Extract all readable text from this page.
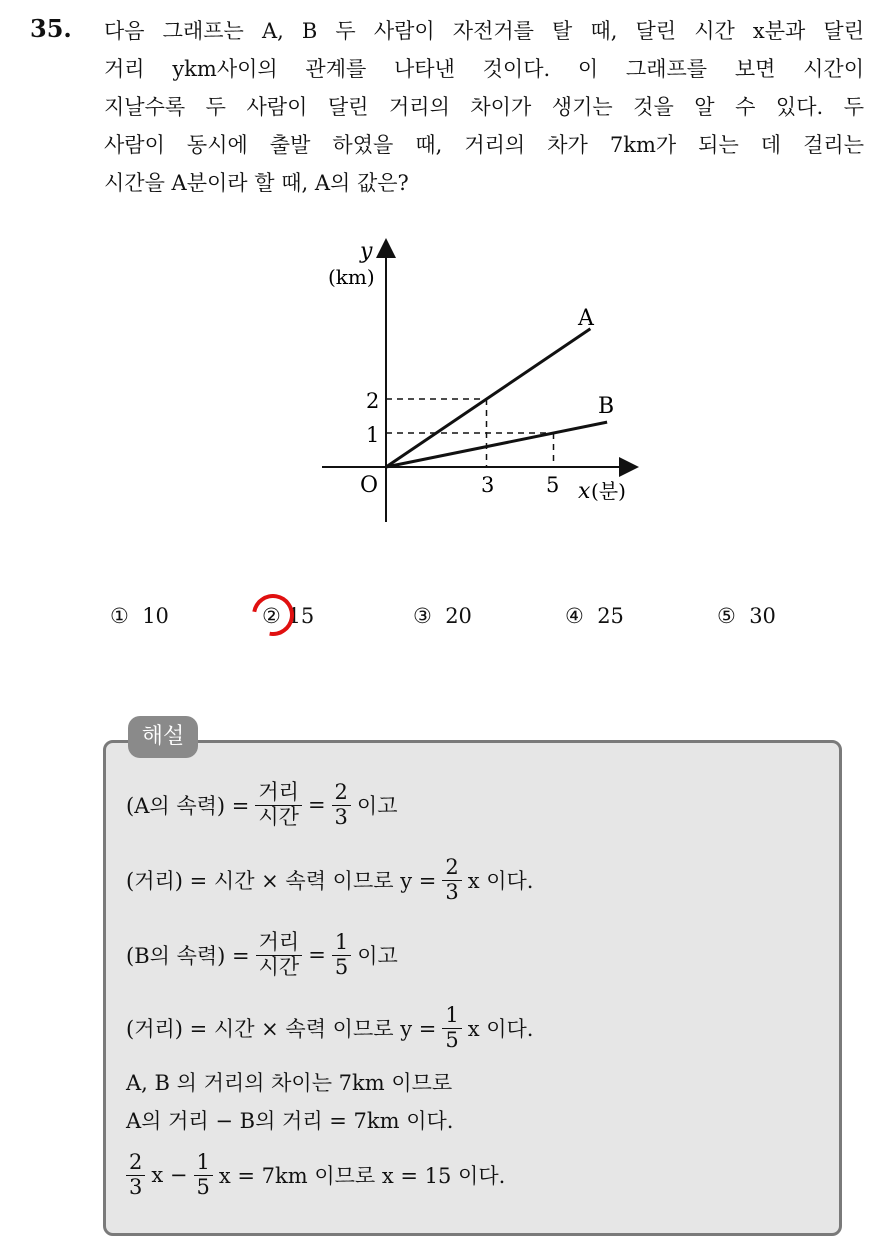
35. 다음 그래프는 A, B 두 사람이 자전거를 탈 때, 달린 시간 x분과 달린
거리 ykm사이의 관계를 나타낸 것이다. 이 그래프를 보면 시간이
지날수록 두 사람이 달린 거리의 차이가 생기는 것을 알 수 있다. 두
사람이 동시에 출발 하였을 때, 거리의 차가 7km가 되는 데 걸리는
시간을 A분이라 할 때, A의 값은?
y
(km)
O
A
B
2
1
3 5 x (분)
① 10	② 15	③ 20	④ 25	⑤ 30
해설
(A의 속력) = $\frac{\text{거리}}{\text{시간}} = \frac{2}{3}$ 이고
(거리) = 시간 × 속력 이므로 $y = \frac{2}{3}$ x 이다.
(B의 속력) = $\frac{\text{거리}}{\text{시간}} = \frac{1}{5}$ 이고
(거리) = 시간 × 속력 이므로 $y = \frac{1}{5}$ x 이다.
A, B 의 거리의 차이는 7km 이므로
A의 거리 − B의 거리 = 7km 이다.
$\frac{2}{3}$ $x - \frac{1}{5}$ x = 7km 이므로 x = 15 이다.
